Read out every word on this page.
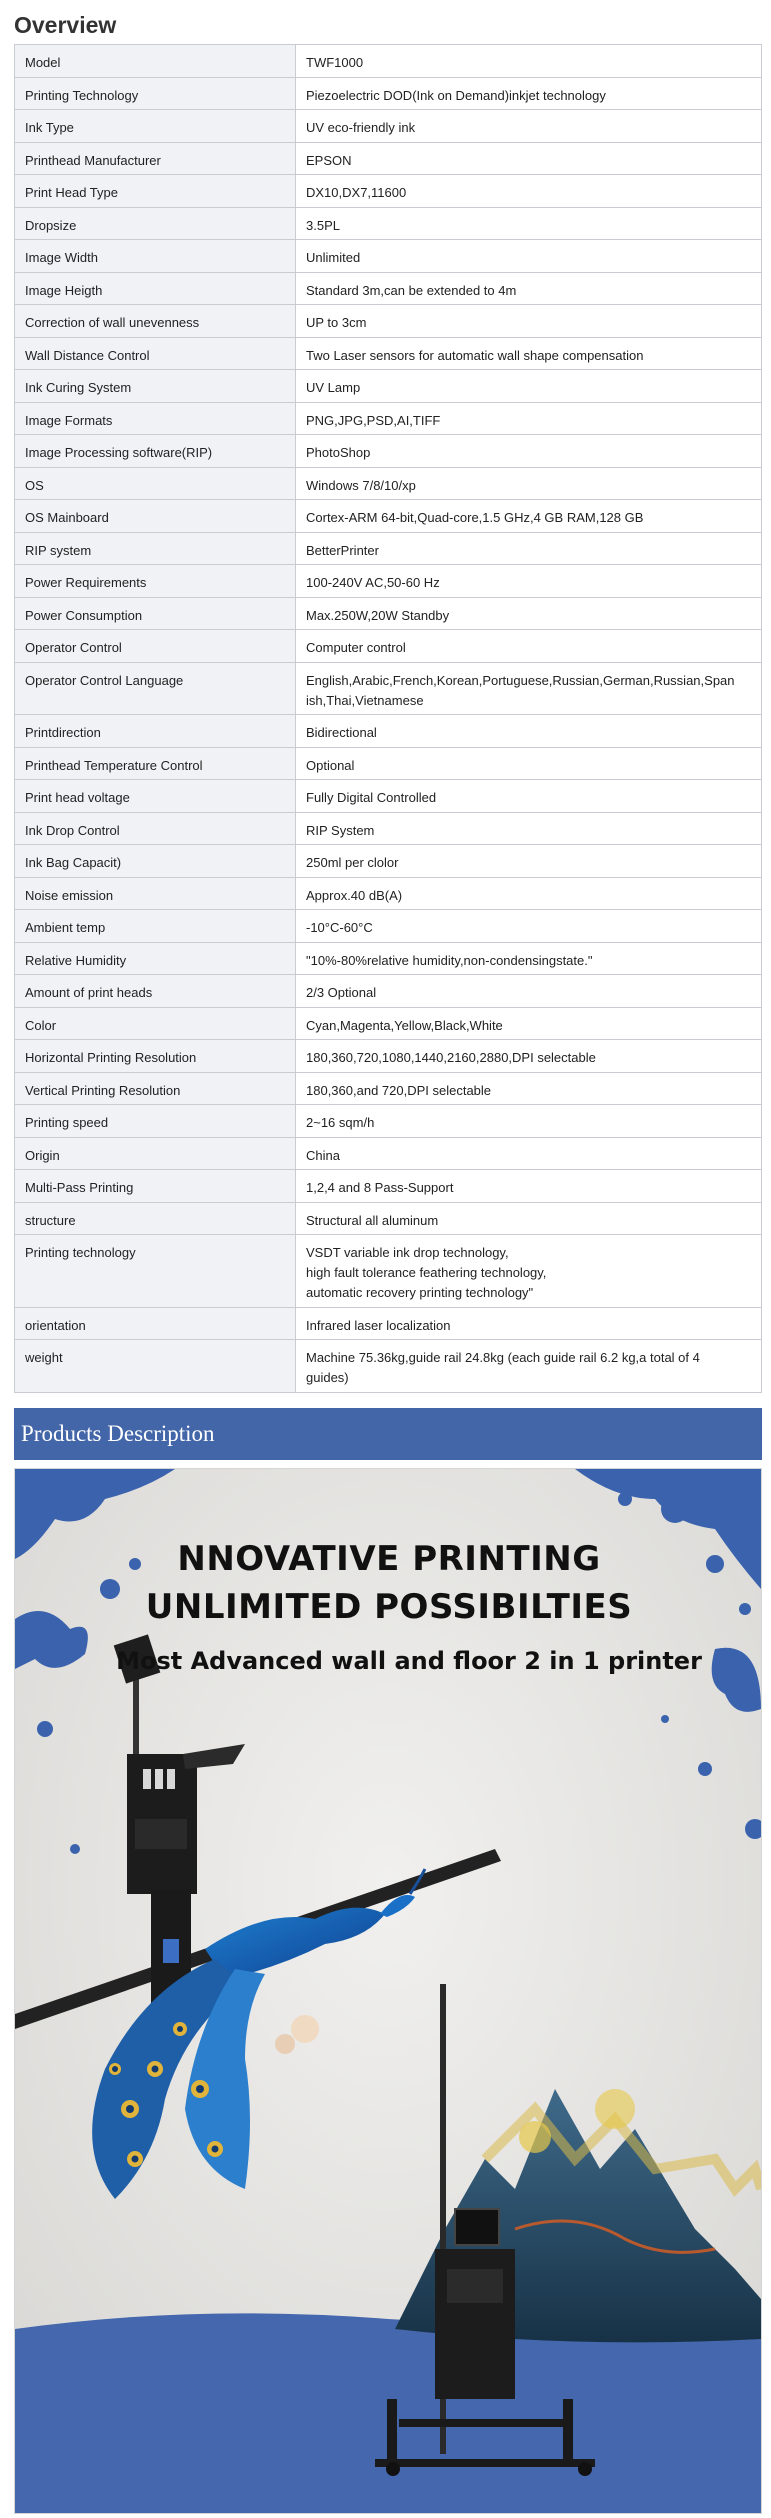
Overview
Model	TWF1000
Printing Technology	Piezoelectric DOD(Ink on Demand)inkjet technology
Ink Type	UV eco-friendly ink
Printhead Manufacturer	EPSON
Print Head Type	DX10,DX7,11600
Dropsize	3.5PL
Image Width	Unlimited
Image Heigth	Standard 3m,can be extended to 4m
Correction of wall unevenness	UP to 3cm
Wall Distance Control	Two Laser sensors for automatic wall shape compensation
Ink Curing System	UV Lamp
Image Formats	PNG,JPG,PSD,AI,TIFF
Image Processing software(RIP)	PhotoShop
OS	Windows 7/8/10/xp
OS Mainboard	Cortex-ARM 64-bit,Quad-core,1.5 GHz,4 GB RAM,128 GB
RIP system	BetterPrinter
Power Requirements	100-240V AC,50-60 Hz
Power Consumption	Max.250W,20W Standby
Operator Control	Computer control
Operator Control Language	English,Arabic,French,Korean,Portuguese,Russian,German,Russian,Span
ish,Thai,Vietnamese
Printdirection	Bidirectional
Printhead Temperature Control	Optional
Print head voltage	Fully Digital Controlled
Ink Drop Control	RIP System
Ink Bag Capacit)	250ml per clolor
Noise emission	Approx.40 dB(A)
Ambient temp	-10°C-60°C
Relative Humidity	"10%-80%relative humidity,non-condensingstate."
Amount of print heads	2/3 Optional
Color	Cyan,Magenta,Yellow,Black,White
Horizontal Printing Resolution	180,360,720,1080,1440,2160,2880,DPI selectable
Vertical Printing Resolution	180,360,and 720,DPI selectable
Printing speed	2~16 sqm/h
Origin	China
Multi-Pass Printing	1,2,4 and 8 Pass-Support
structure	Structural all aluminum
Printing technology	VSDT variable ink drop technology,
high fault tolerance feathering technology,
automatic recovery printing technology"
orientation	Infrared laser localization
weight	Machine 75.36kg,guide rail 24.8kg (each guide rail 6.2 kg,a total of 4
guides)
Products Description
NNOVATIVE PRINTING
UNLIMITED POSSIBILTIES
Most Advanced wall and floor 2 in 1 printer
